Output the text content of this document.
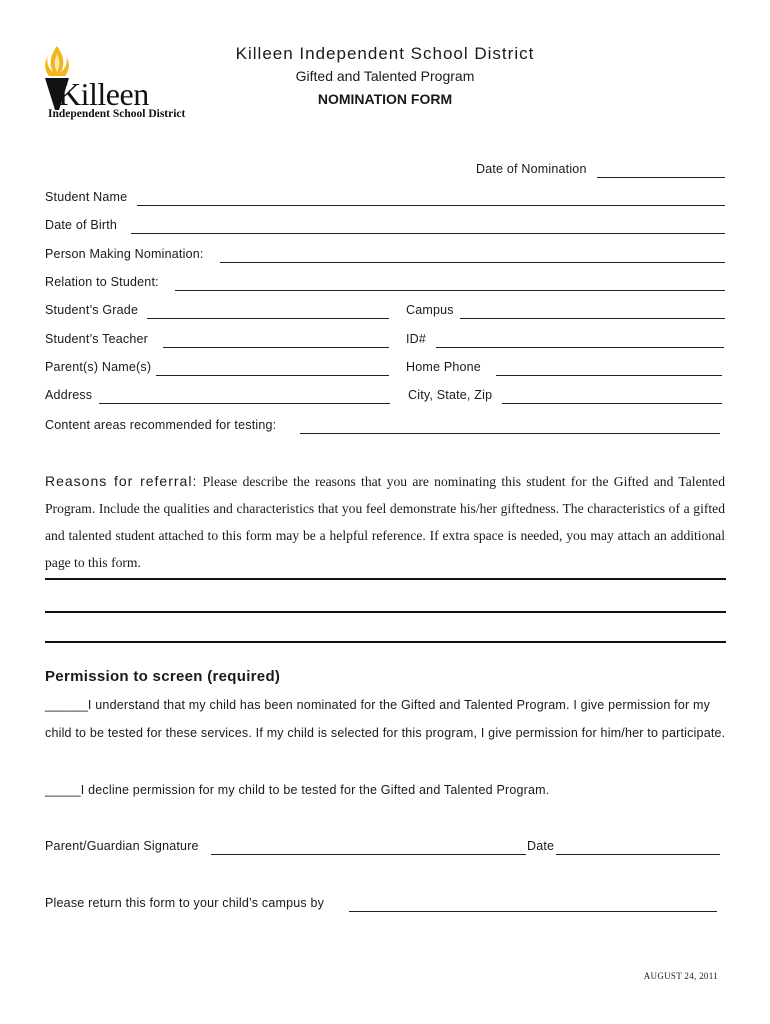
Killeen
Independent School District
Killeen Independent School District
Gifted and Talented Program
NOMINATION FORM
Date of Nomination
Student Name
Date of Birth
Person Making Nomination:
Relation to Student:
Student’s Grade	Campus
Student’s Teacher	ID#
Parent(s) Name(s)	Home Phone
Address	City, State, Zip
Content areas recommended for testing:
Reasons for referral: Please describe the reasons that you are nominating this student for the Gifted and Talented Program. Include the qualities and characteristics that you feel demonstrate his/her giftedness. The characteristics of a gifted and talented student attached to this form may be a helpful reference. If extra space is needed, you may attach an additional page to this form.
Permission to screen (required)
______I understand that my child has been nominated for the Gifted and Talented Program. I give permission for my child to be tested for these services. If my child is selected for this program, I give permission for him/her to participate.
_____I decline permission for my child to be tested for the Gifted and Talented Program.
Parent/Guardian Signature	Date
Please return this form to your child’s campus by
AUGUST 24, 2011
